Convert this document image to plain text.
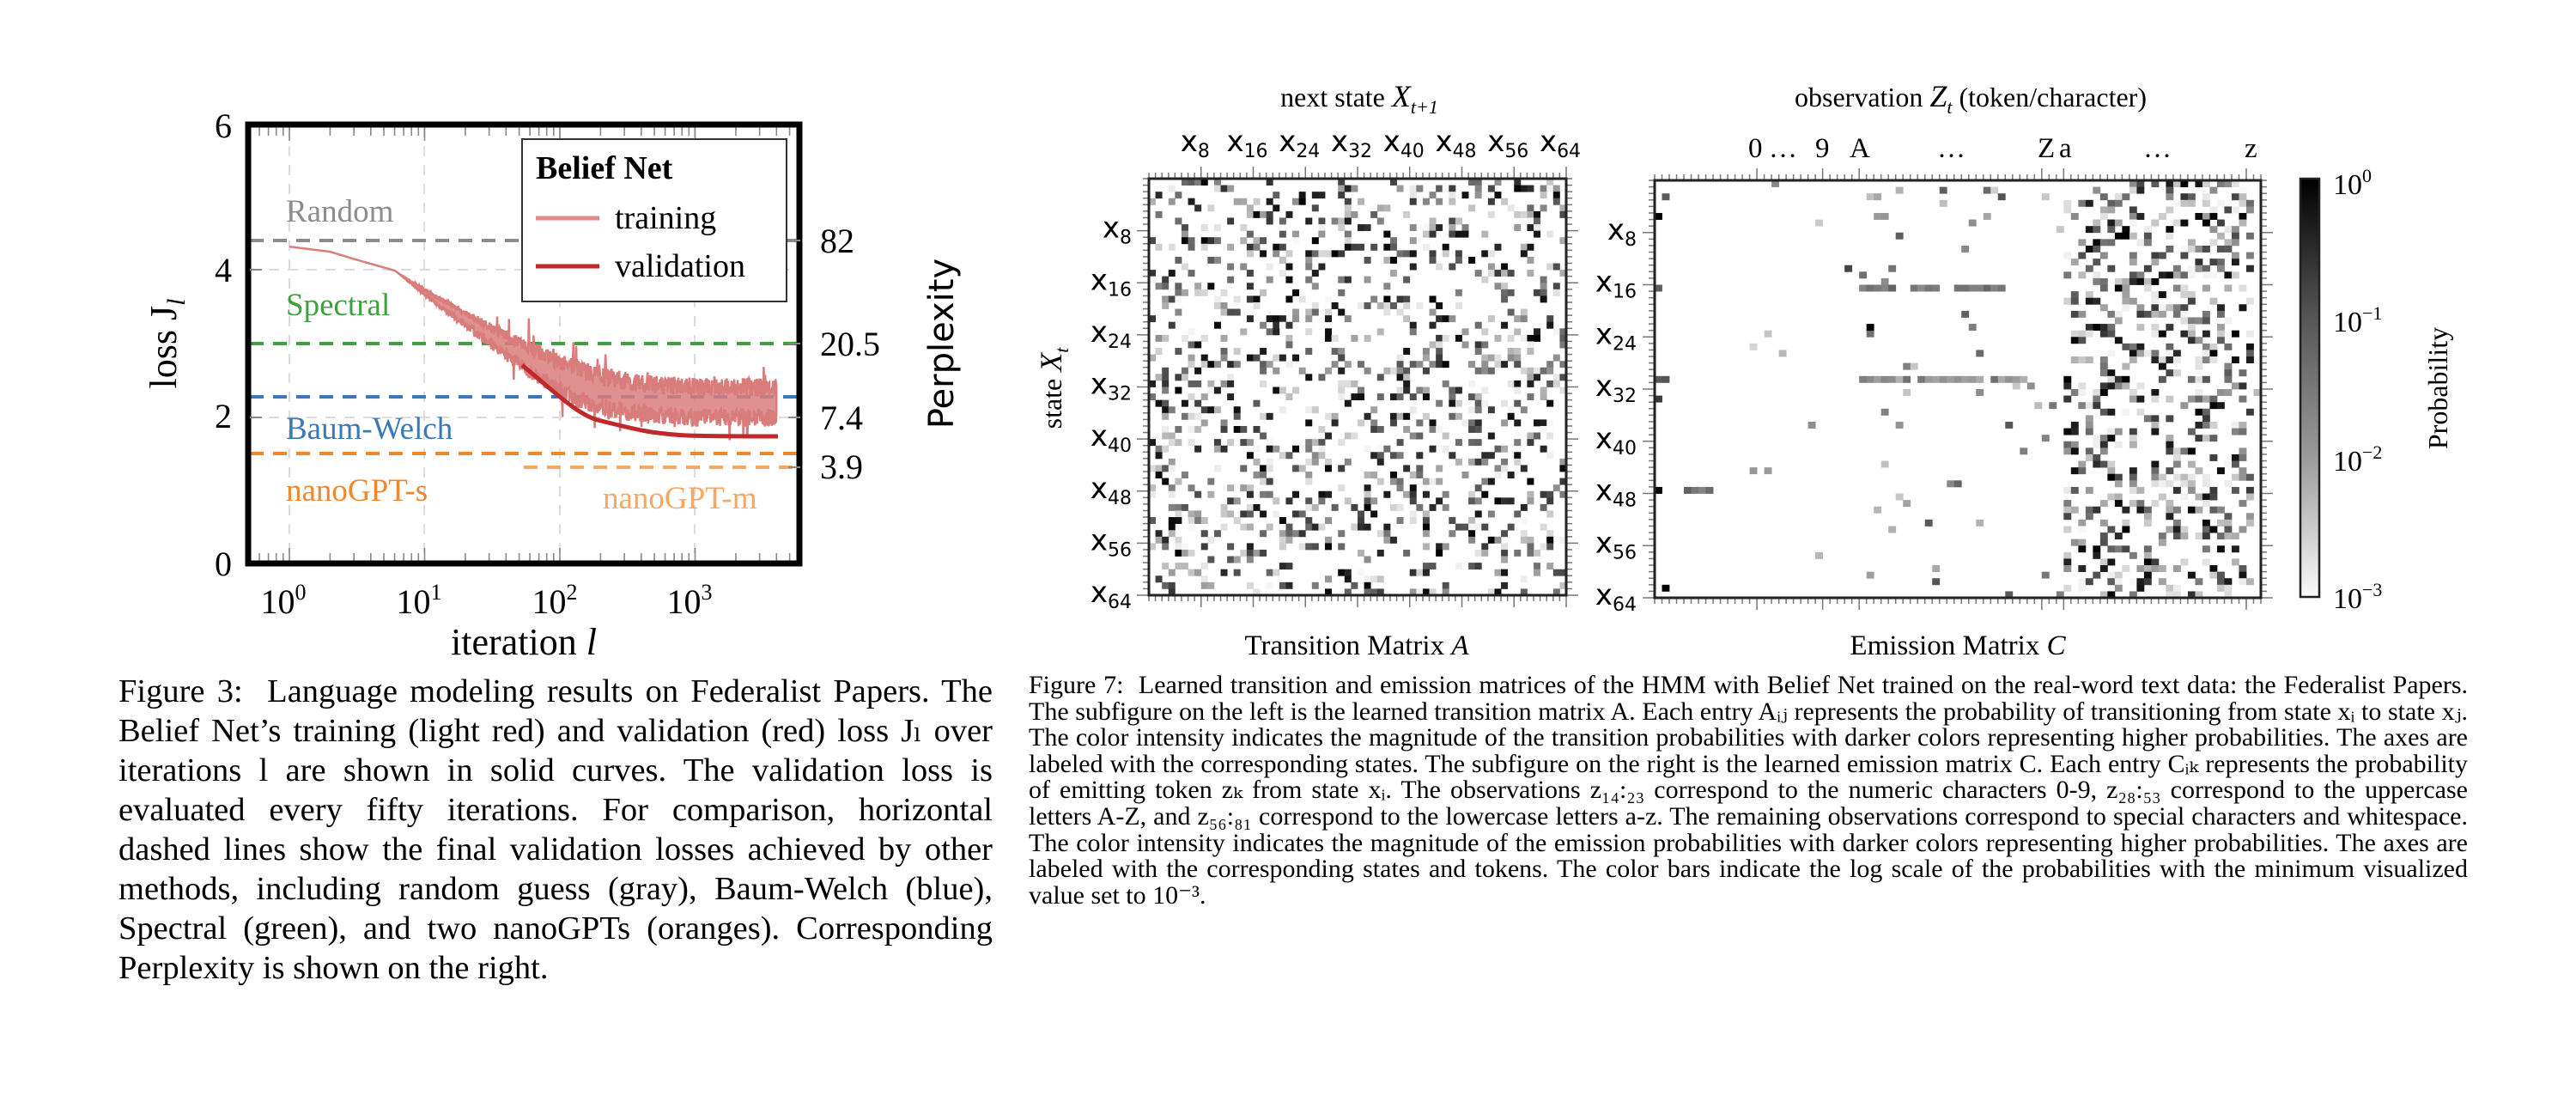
Random
Spectral
Baum-Welch
nanoGPT-s	nanoGPT-m
Belief Net
training
validation
6
4
2
0
82
20.5
7.4
3.9
$10^0$	$10^1$	$10^2$	$10^3$
iteration l
loss $J_l$	Perplexity

Figure 3: Language modeling results on Federalist Papers. The Belief Net’s training (light red) and validation (red) loss Jₗ over iterations l are shown in solid curves. The validation loss is evaluated every fifty iterations. For comparison, horizontal dashed lines show the final validation losses achieved by other methods, including random guess (gray), Baum-Welch (blue), Spectral (green), and two nanoGPTs (oranges). Corresponding Perplexity is shown on the right.

next state $X_{t+1}$	observation $Z_t$ (token/character)
$x_8$
$x_8$
$x_{16}$
$x_{16}$
$x_{24}$
$x_{24}$
$x_{32}$
$x_{32}$
$x_{40}$
$x_{40}$
$x_{48}$
$x_{48}$
$x_{56}$
$x_{56}$
$x_{64}$
$x_{64}$
$x_8$
$x_{16}$
$x_{24}$
$x_{32}$
$x_{40}$
$x_{48}$
$x_{56}$
$x_{64}$
0 … 9 A …	Z a	…	z
state $X_t$
Transition Matrix A	Emission Matrix C
$10^0$
$10^{-1}$
$10^{-2}$
$10^{-3}$
Probability

Figure 7: Learned transition and emission matrices of the HMM with Belief Net trained on the real-word text data: the Federalist Papers. The subfigure on the left is the learned transition matrix A. Each entry Aᵢⱼ represents the probability of transitioning from state xᵢ to state xⱼ. The color intensity indicates the magnitude of the transition probabilities with darker colors representing higher probabilities. The axes are labeled with the corresponding states. The subfigure on the right is the learned emission matrix C. Each entry Cᵢₖ represents the probability of emitting token zₖ from state xᵢ. The observations z₁₄:₂₃ correspond to the numeric characters 0-9, z₂₈:₅₃ correspond to the uppercase letters A-Z, and z₅₆:₈₁ correspond to the lowercase letters a-z. The remaining observations correspond to special characters and whitespace. The color intensity indicates the magnitude of the emission probabilities with darker colors representing higher probabilities. The axes are labeled with the corresponding states and tokens. The color bars indicate the log scale of the probabilities with the minimum visualized value set to 10⁻³.
